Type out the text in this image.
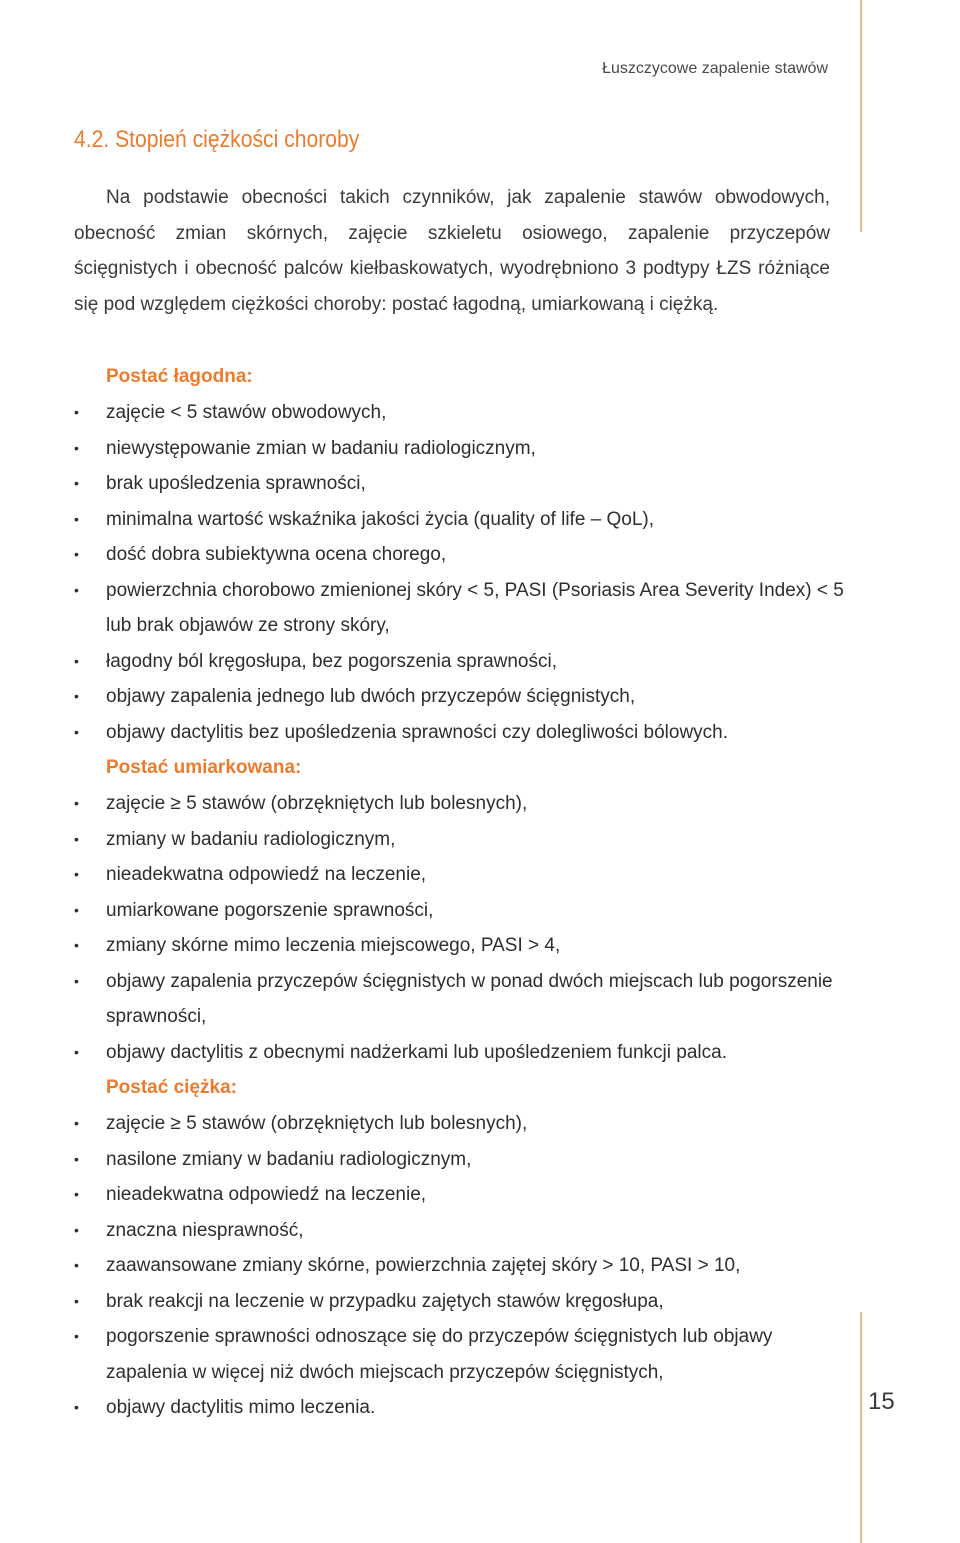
Łuszczycowe zapalenie stawów
4.2. Stopień ciężkości choroby

Na podstawie obecności takich czynników, jak zapalenie stawów obwodowych, obecność zmian skórnych, zajęcie szkieletu osiowego, zapalenie przyczepów ścięgnistych i obecność palców kiełbaskowatych, wyodrębniono 3 podtypy ŁZS różniące się pod względem ciężkości choroby: postać łagodną, umiarkowaną i ciężką.

Postać łagodna:
• zajęcie < 5 stawów obwodowych,
• niewystępowanie zmian w badaniu radiologicznym,
• brak upośledzenia sprawności,
• minimalna wartość wskaźnika jakości życia (quality of life – QoL),
• dość dobra subiektywna ocena chorego,
• powierzchnia chorobowo zmienionej skóry < 5, PASI (Psoriasis Area Severity Index) < 5 lub brak objawów ze strony skóry,
• łagodny ból kręgosłupa, bez pogorszenia sprawności,
• objawy zapalenia jednego lub dwóch przyczepów ścięgnistych,
• objawy dactylitis bez upośledzenia sprawności czy dolegliwości bólowych.
Postać umiarkowana:
• zajęcie ≥ 5 stawów (obrzękniętych lub bolesnych),
• zmiany w badaniu radiologicznym,
• nieadekwatna odpowiedź na leczenie,
• umiarkowane pogorszenie sprawności,
• zmiany skórne mimo leczenia miejscowego, PASI > 4,
• objawy zapalenia przyczepów ścięgnistych w ponad dwóch miejscach lub pogorszenie sprawności,
• objawy dactylitis z obecnymi nadżerkami lub upośledzeniem funkcji palca.
Postać ciężka:
• zajęcie ≥ 5 stawów (obrzękniętych lub bolesnych),
• nasilone zmiany w badaniu radiologicznym,
• nieadekwatna odpowiedź na leczenie,
• znaczna niesprawność,
• zaawansowane zmiany skórne, powierzchnia zajętej skóry > 10, PASI > 10,
• brak reakcji na leczenie w przypadku zajętych stawów kręgosłupa,
• pogorszenie sprawności odnoszące się do przyczepów ścięgnistych lub objawy zapalenia w więcej niż dwóch miejscach przyczepów ścięgnistych,
• objawy dactylitis mimo leczenia.	15
